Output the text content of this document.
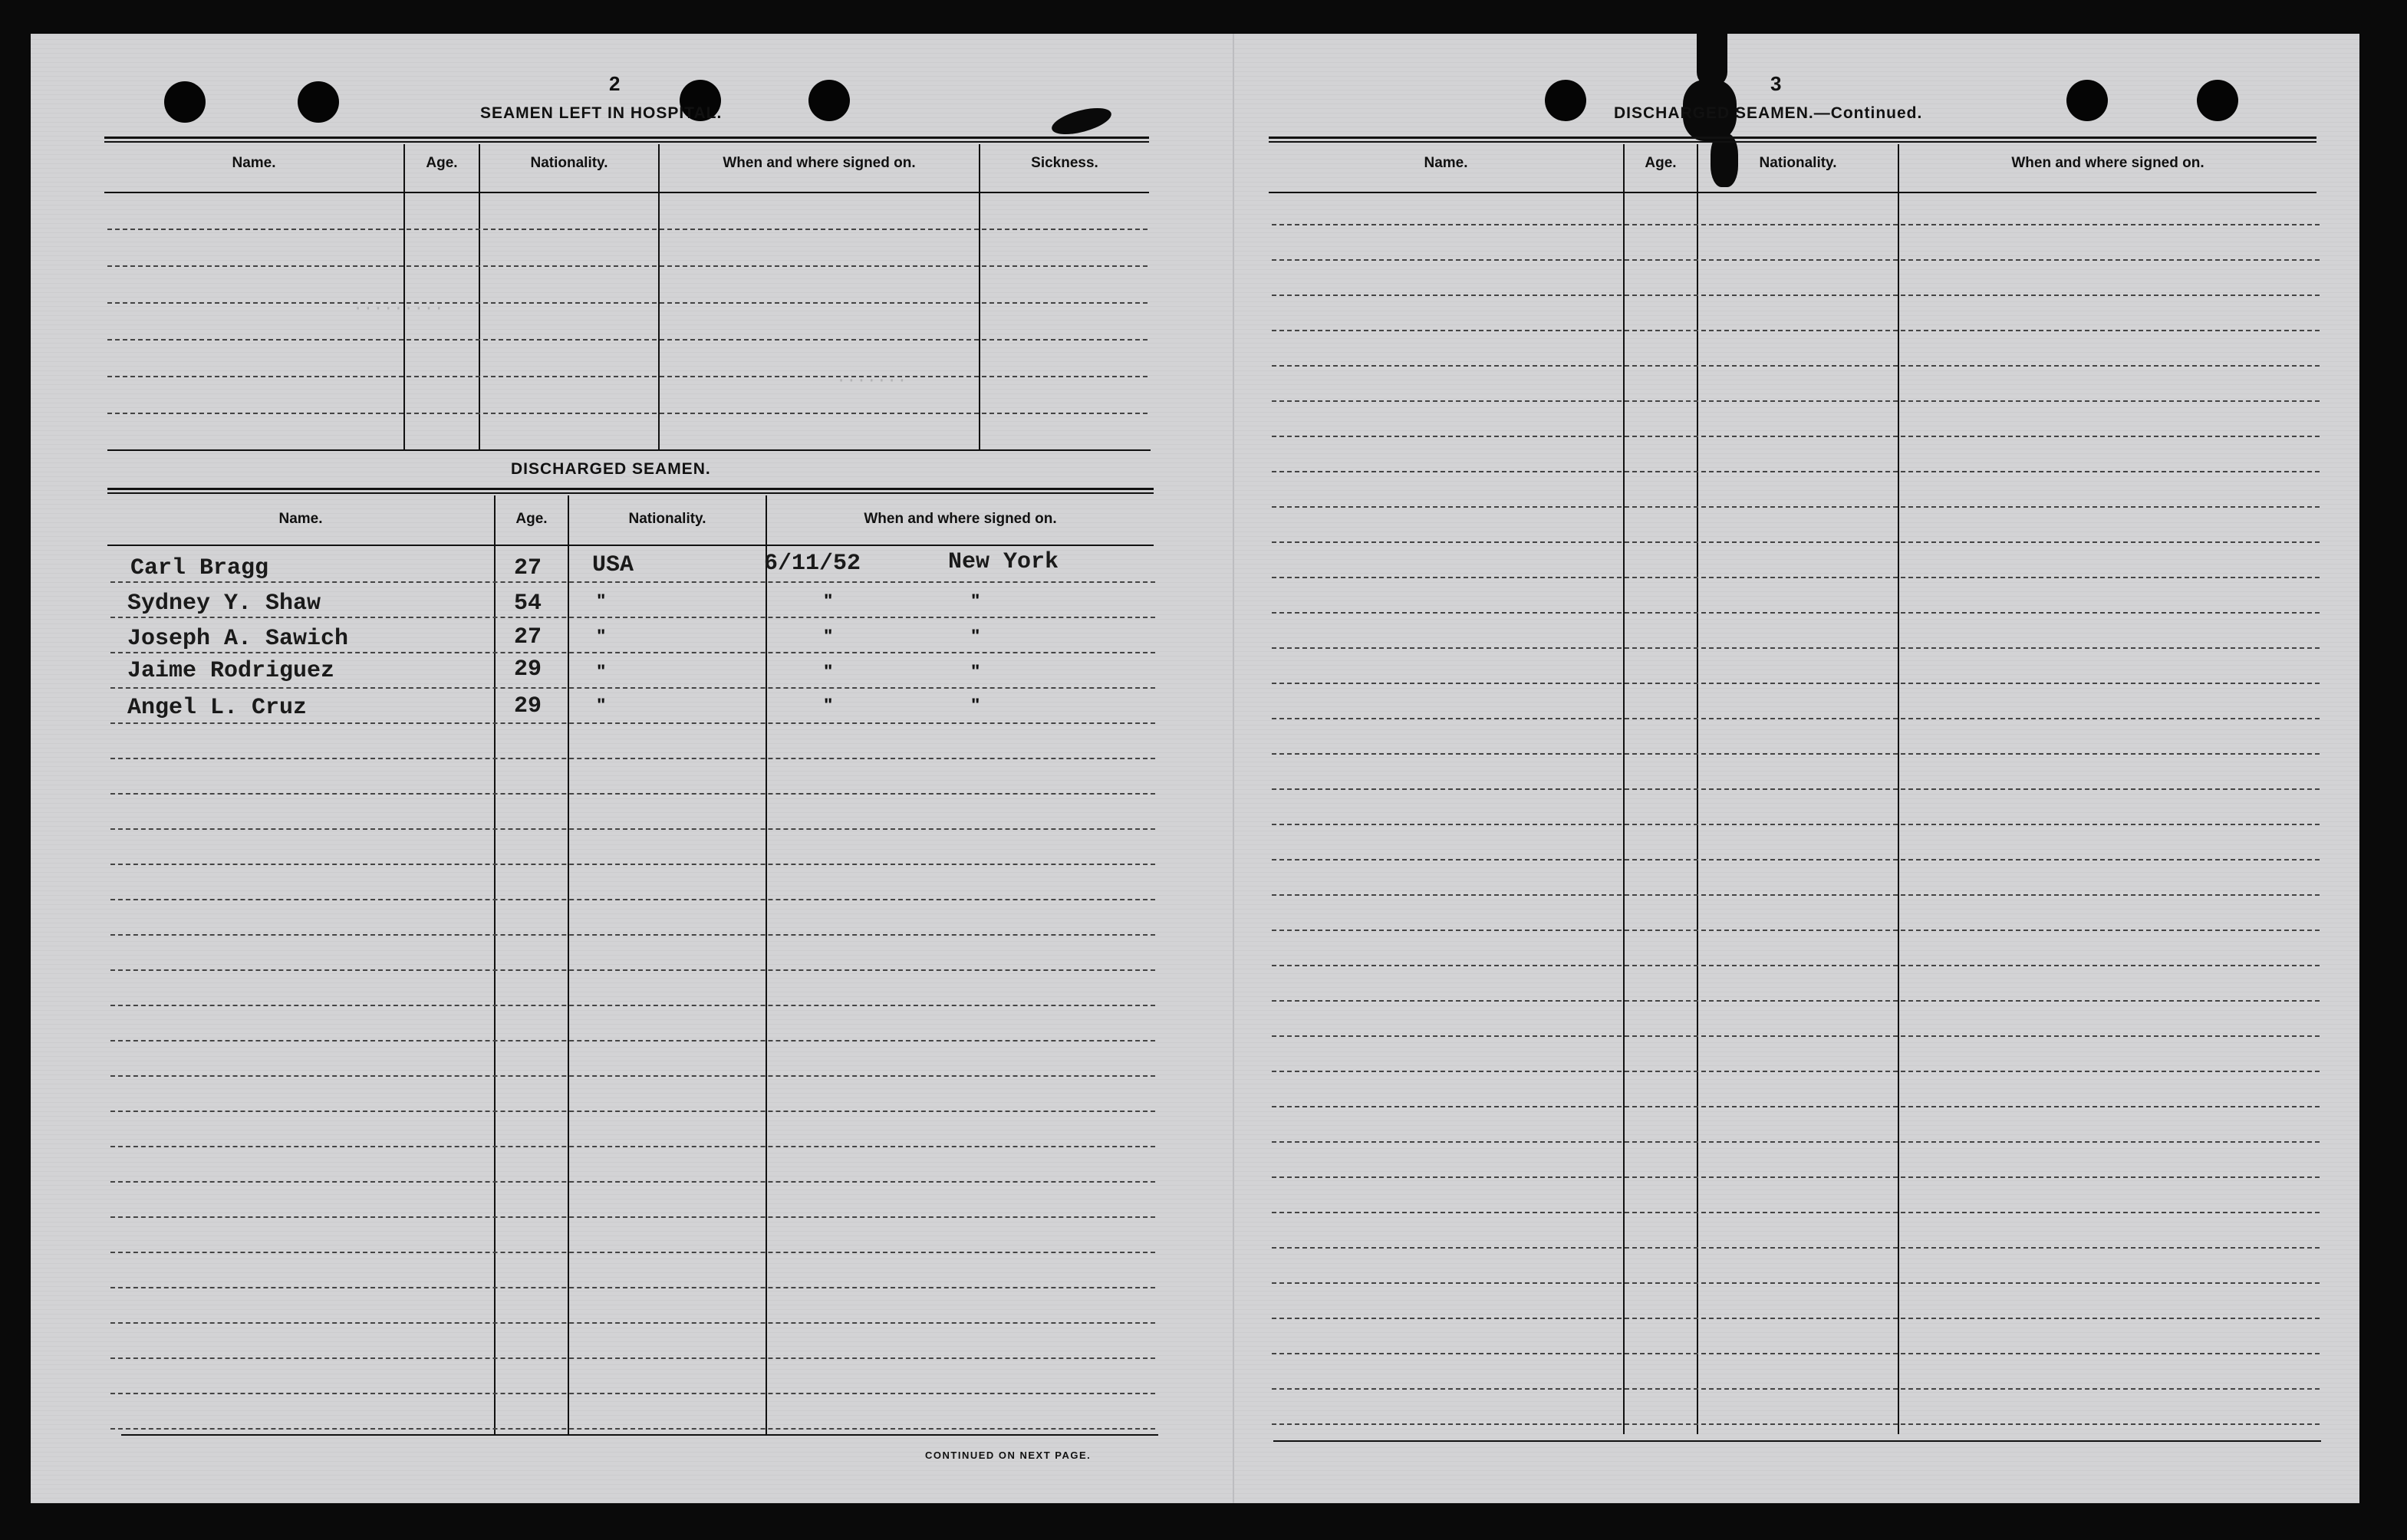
·········
·······
2
SEAMEN LEFT IN HOSPITAL.
Name.	Age.	Nationality.	When and where signed on.	Sickness.
DISCHARGED SEAMEN.
Name.	Age.	Nationality.	When and where signed on.
Carl Bragg	27 USA	6/11/52	New York
Sydney Y. Shaw	54	"	"	"
Joseph A. Sawich	27	"	"	"
Jaime Rodriguez	29	"	"	"
Angel L. Cruz	29	"	"	"
CONTINUED ON NEXT PAGE.
3
DISCHARGED SEAMEN.—Continued.
Name.	Age.	Nationality.	When and where signed on.
